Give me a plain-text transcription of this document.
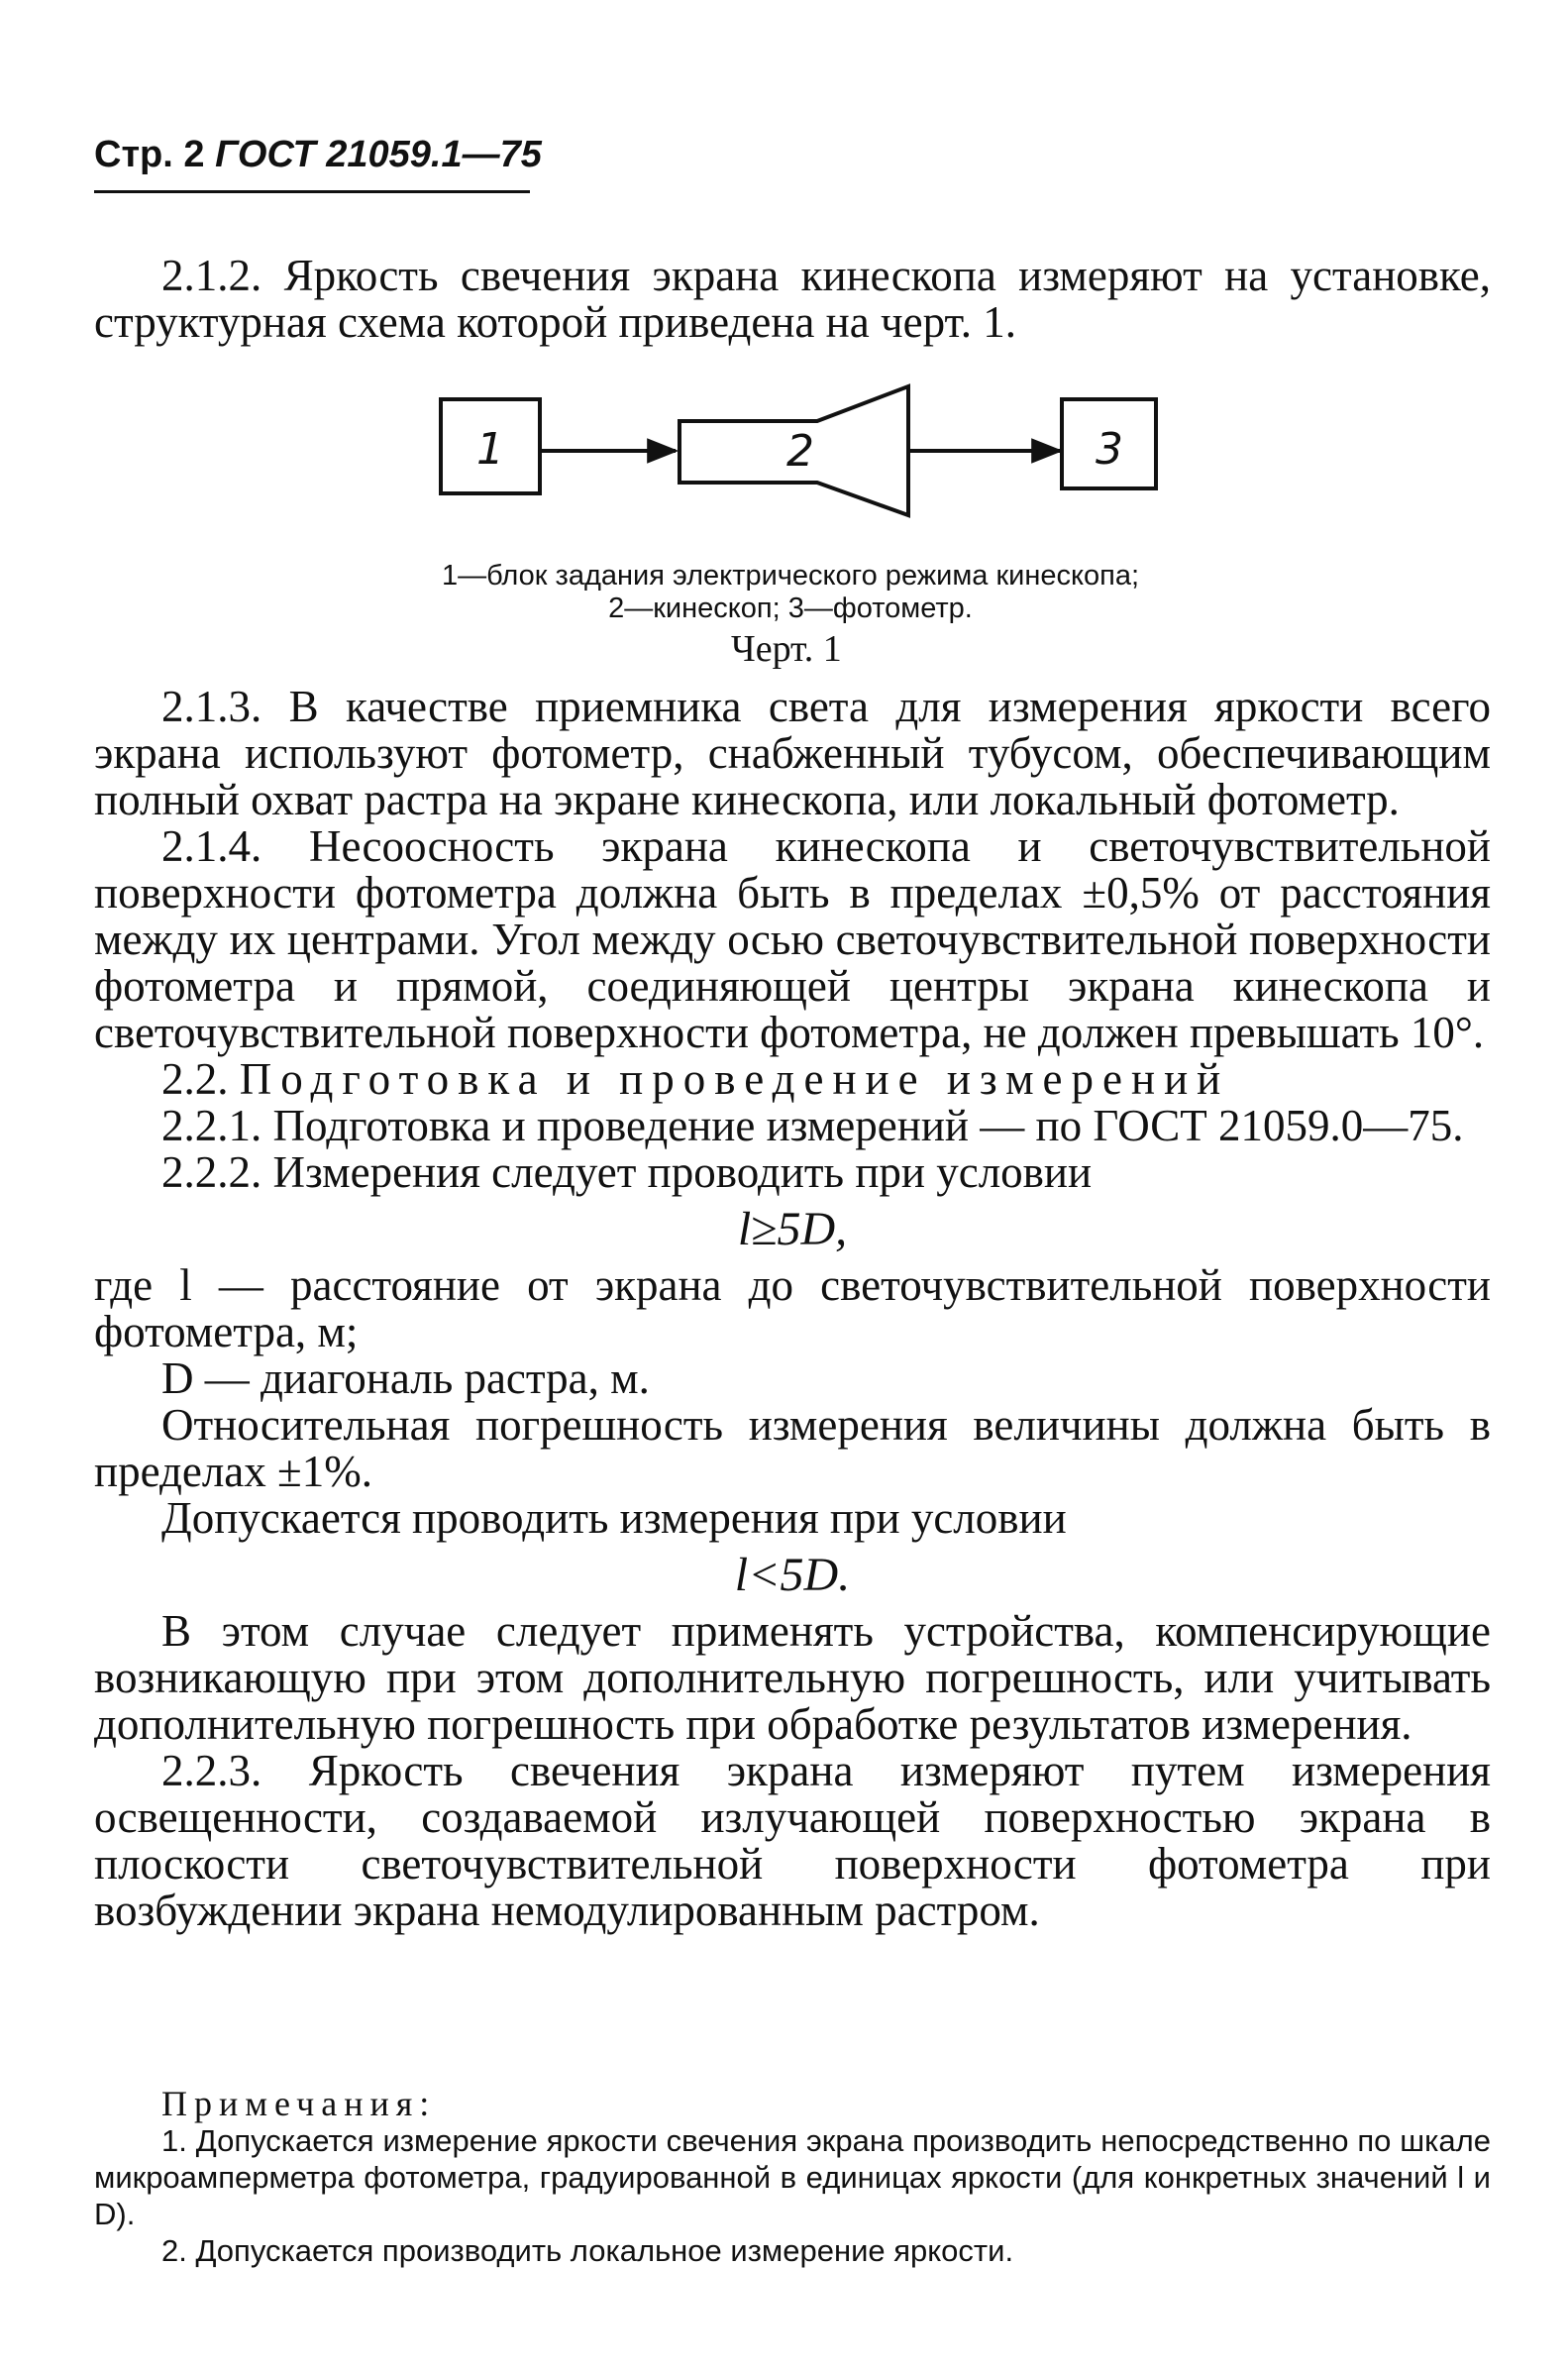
Стр. 2 ГОСТ 21059.1—75

2.1.2. Яркость свечения экрана кинескопа измеряют на установке, структурная схема которой приведена на черт. 1.

1	2	3
1—блок задания электрического режима кинескопа; 2—кинескоп; 3—фотометр.
Черт. 1

2.1.3. В качестве приемника света для измерения яркости всего экрана используют фотометр, снабженный тубусом, обеспечивающим полный охват растра на экране кинескопа, или локальный фотометр.

2.1.4. Несоосность экрана кинескопа и светочувствительной поверхности фотометра должна быть в пределах ±0,5% от расстояния между их центрами. Угол между осью светочувствительной поверхности фотометра и прямой, соединяющей центры экрана кинескопа и светочувствительной поверхности фотометра, не должен превышать 10°.

2.2. Подготовка и проведение измерений

2.2.1. Подготовка и проведение измерений — по ГОСТ 21059.0—75.

2.2.2. Измерения следует проводить при условии

l≥5D,

где l — расстояние от экрана до светочувствительной поверхности фотометра, м;

D — диагональ растра, м.

Относительная погрешность измерения величины должна быть в пределах ±1%.

Допускается проводить измерения при условии

l<5D.

В этом случае следует применять устройства, компенсирующие возникающую при этом дополнительную погрешность, или учитывать дополнительную погрешность при обработке результатов измерения.

2.2.3. Яркость свечения экрана измеряют путем измерения освещенности, создаваемой излучающей поверхностью экрана в плоскости светочувствительной поверхности фотометра при возбуждении экрана немодулированным растром.

Примечания:

1. Допускается измерение яркости свечения экрана производить непосредственно по шкале микроамперметра фотометра, градуированной в единицах яркости (для конкретных значений l и D).

2. Допускается производить локальное измерение яркости.
